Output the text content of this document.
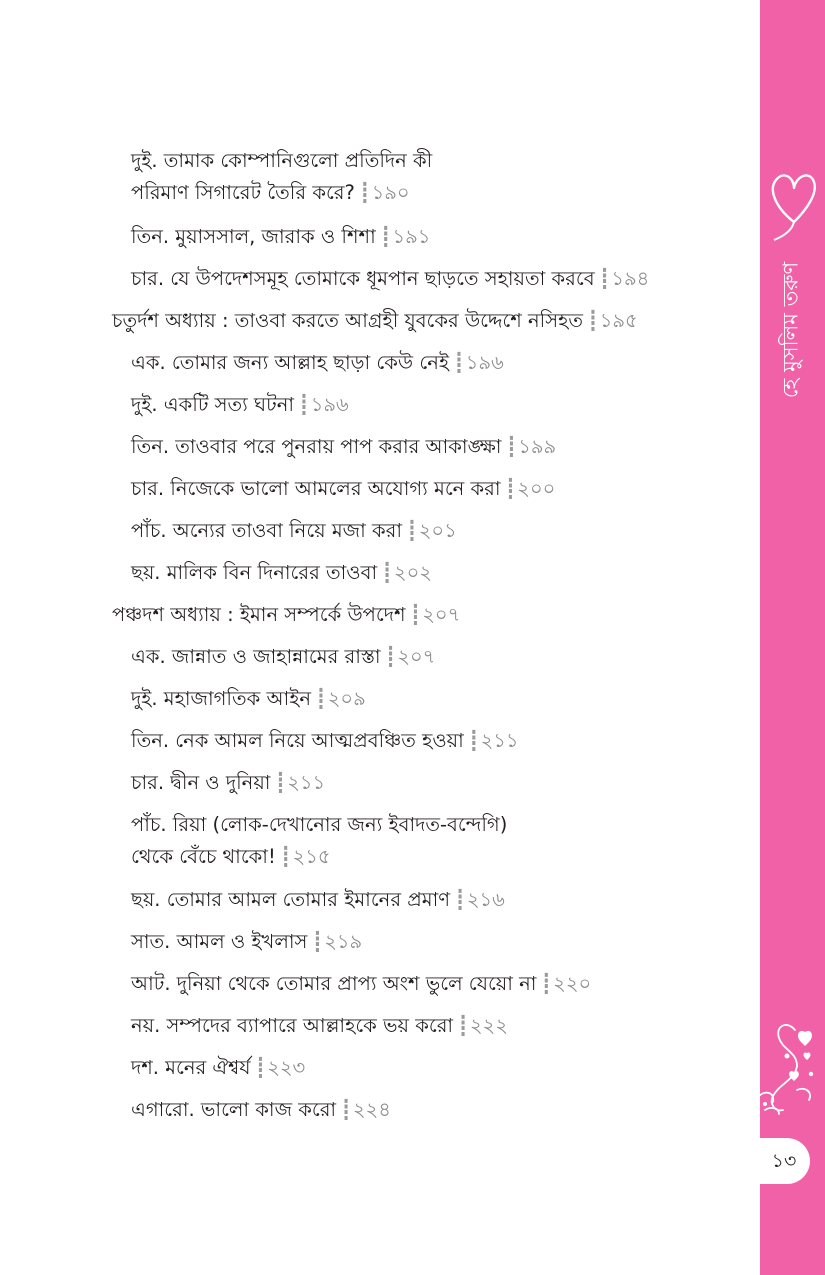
দুই. তামাক কোম্পানিগুলো প্রতিদিন কী
পরিমাণ সিগারেট তৈরি করে? ┋ ১৯০
তিন. মুয়াসসাল, জারাক ও শিশা ┋ ১৯১
চার. যে উপদেশসমূহ তোমাকে ধূমপান ছাড়তে সহায়তা করবে ┋ ১৯৪
চতুর্দশ অধ্যায় : তাওবা করতে আগ্রহী যুবকের উদ্দেশে নসিহত ┋ ১৯৫
এক. তোমার জন্য আল্লাহ ছাড়া কেউ নেই ┋ ১৯৬
দুই. একটি সত্য ঘটনা ┋ ১৯৬
তিন. তাওবার পরে পুনরায় পাপ করার আকাঙ্ক্ষা ┋ ১৯৯
চার. নিজেকে ভালো আমলের অযোগ্য মনে করা ┋ ২০০
পাঁচ. অন্যের তাওবা নিয়ে মজা করা ┋ ২০১
ছয়. মালিক বিন দিনারের তাওবা ┋ ২০২
পঞ্চদশ অধ্যায় : ইমান সম্পর্কে উপদেশ ┋ ২০৭
এক. জান্নাত ও জাহান্নামের রাস্তা ┋ ২০৭
দুই. মহাজাগতিক আইন ┋ ২০৯
তিন. নেক আমল নিয়ে আত্মপ্রবঞ্চিত হওয়া ┋ ২১১
চার. দ্বীন ও দুনিয়া ┋ ২১১
পাঁচ. রিয়া (লোক-দেখানোর জন্য ইবাদত-বন্দেগি)
থেকে বেঁচে থাকো! ┋ ২১৫
ছয়. তোমার আমল তোমার ইমানের প্রমাণ ┋ ২১৬
সাত. আমল ও ইখলাস ┋ ২১৯
আট. দুনিয়া থেকে তোমার প্রাপ্য অংশ ভুলে যেয়ো না ┋ ২২০
নয়. সম্পদের ব্যাপারে আল্লাহকে ভয় করো ┋ ২২২
দশ. মনের ঐশ্বর্য ┋ ২২৩
এগারো. ভালো কাজ করো ┋ ২২৪
হে মুসলিম তরুণ
১৩
